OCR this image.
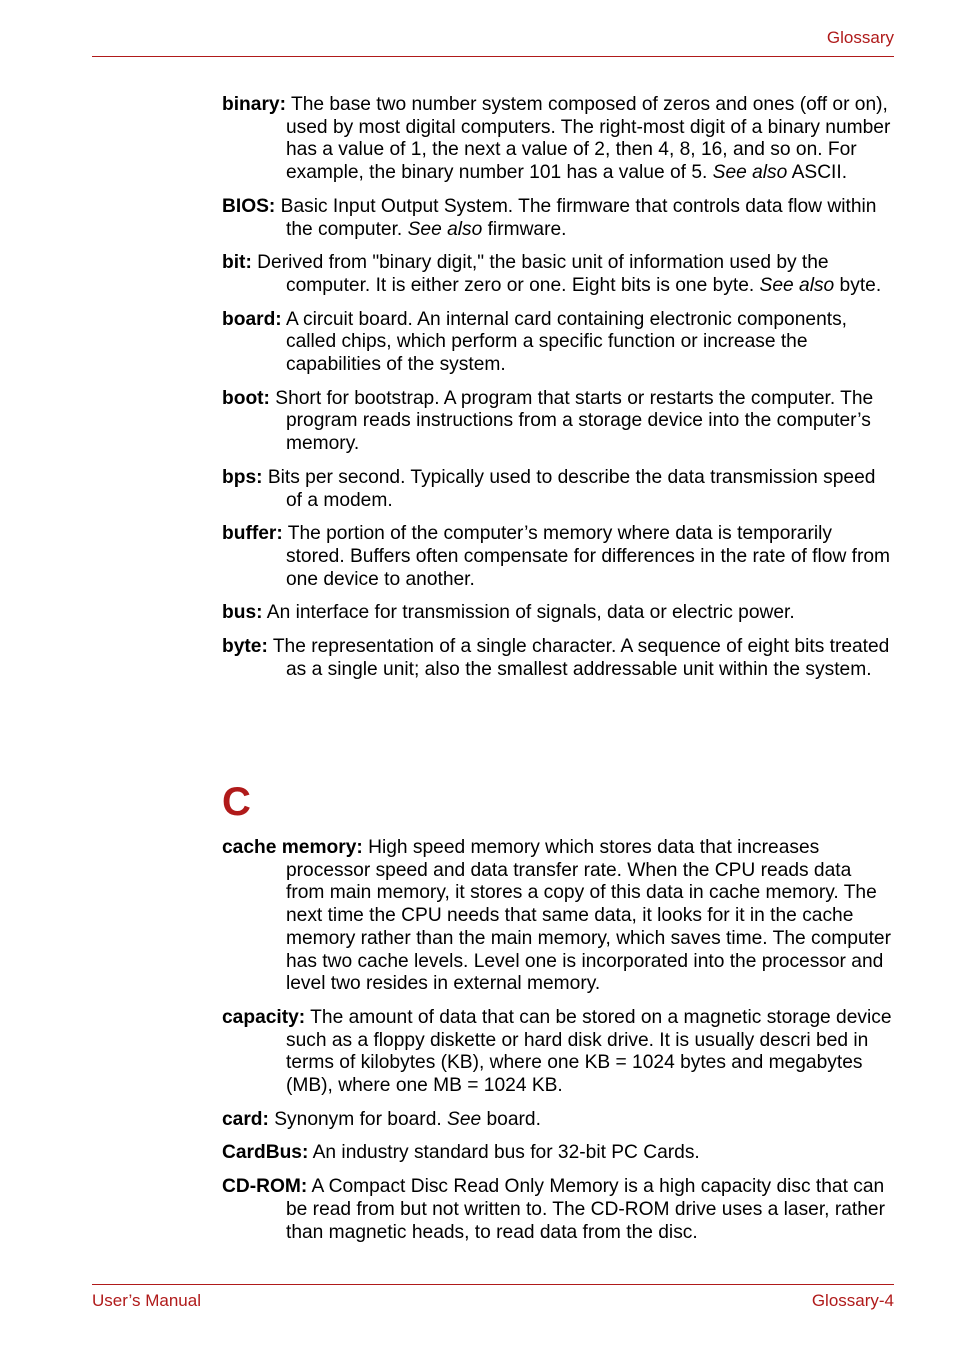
Glossary

binary: The base two number system composed of zeros and ones (off or on), used by most digital computers. The right-most digit of a binary number has a value of 1, the next a value of 2, then 4, 8, 16, and so on. For example, the binary number 101 has a value of 5. See also ASCII.

BIOS: Basic Input Output System. The firmware that controls data flow within the computer. See also firmware.

bit: Derived from "binary digit," the basic unit of information used by the computer. It is either zero or one. Eight bits is one byte. See also byte.

board: A circuit board. An internal card containing electronic components, called chips, which perform a specific function or increase the capabilities of the system.

boot: Short for bootstrap. A program that starts or restarts the computer. The program reads instructions from a storage device into the computer’s memory.

bps: Bits per second. Typically used to describe the data transmission speed of a modem.

buffer: The portion of the computer’s memory where data is temporarily stored. Buffers often compensate for differences in the rate of flow from one device to another.

bus: An interface for transmission of signals, data or electric power.

byte: The representation of a single character. A sequence of eight bits treated as a single unit; also the smallest addressable unit within the system.

C

cache memory: High speed memory which stores data that increases processor speed and data transfer rate. When the CPU reads data from main memory, it stores a copy of this data in cache memory. The next time the CPU needs that same data, it looks for it in the cache memory rather than the main memory, which saves time. The computer has two cache levels. Level one is incorporated into the processor and level two resides in external memory.

capacity: The amount of data that can be stored on a magnetic storage device such as a floppy diskette or hard disk drive. It is usually descri bed in terms of kilobytes (KB), where one KB = 1024 bytes and megabytes (MB), where one MB = 1024 KB.

card: Synonym for board. See board.

CardBus: An industry standard bus for 32-bit PC Cards.

CD-ROM: A Compact Disc Read Only Memory is a high capacity disc that can be read from but not written to. The CD-ROM drive uses a laser, rather than magnetic heads, to read data from the disc.

User’s Manual	Glossary-4
